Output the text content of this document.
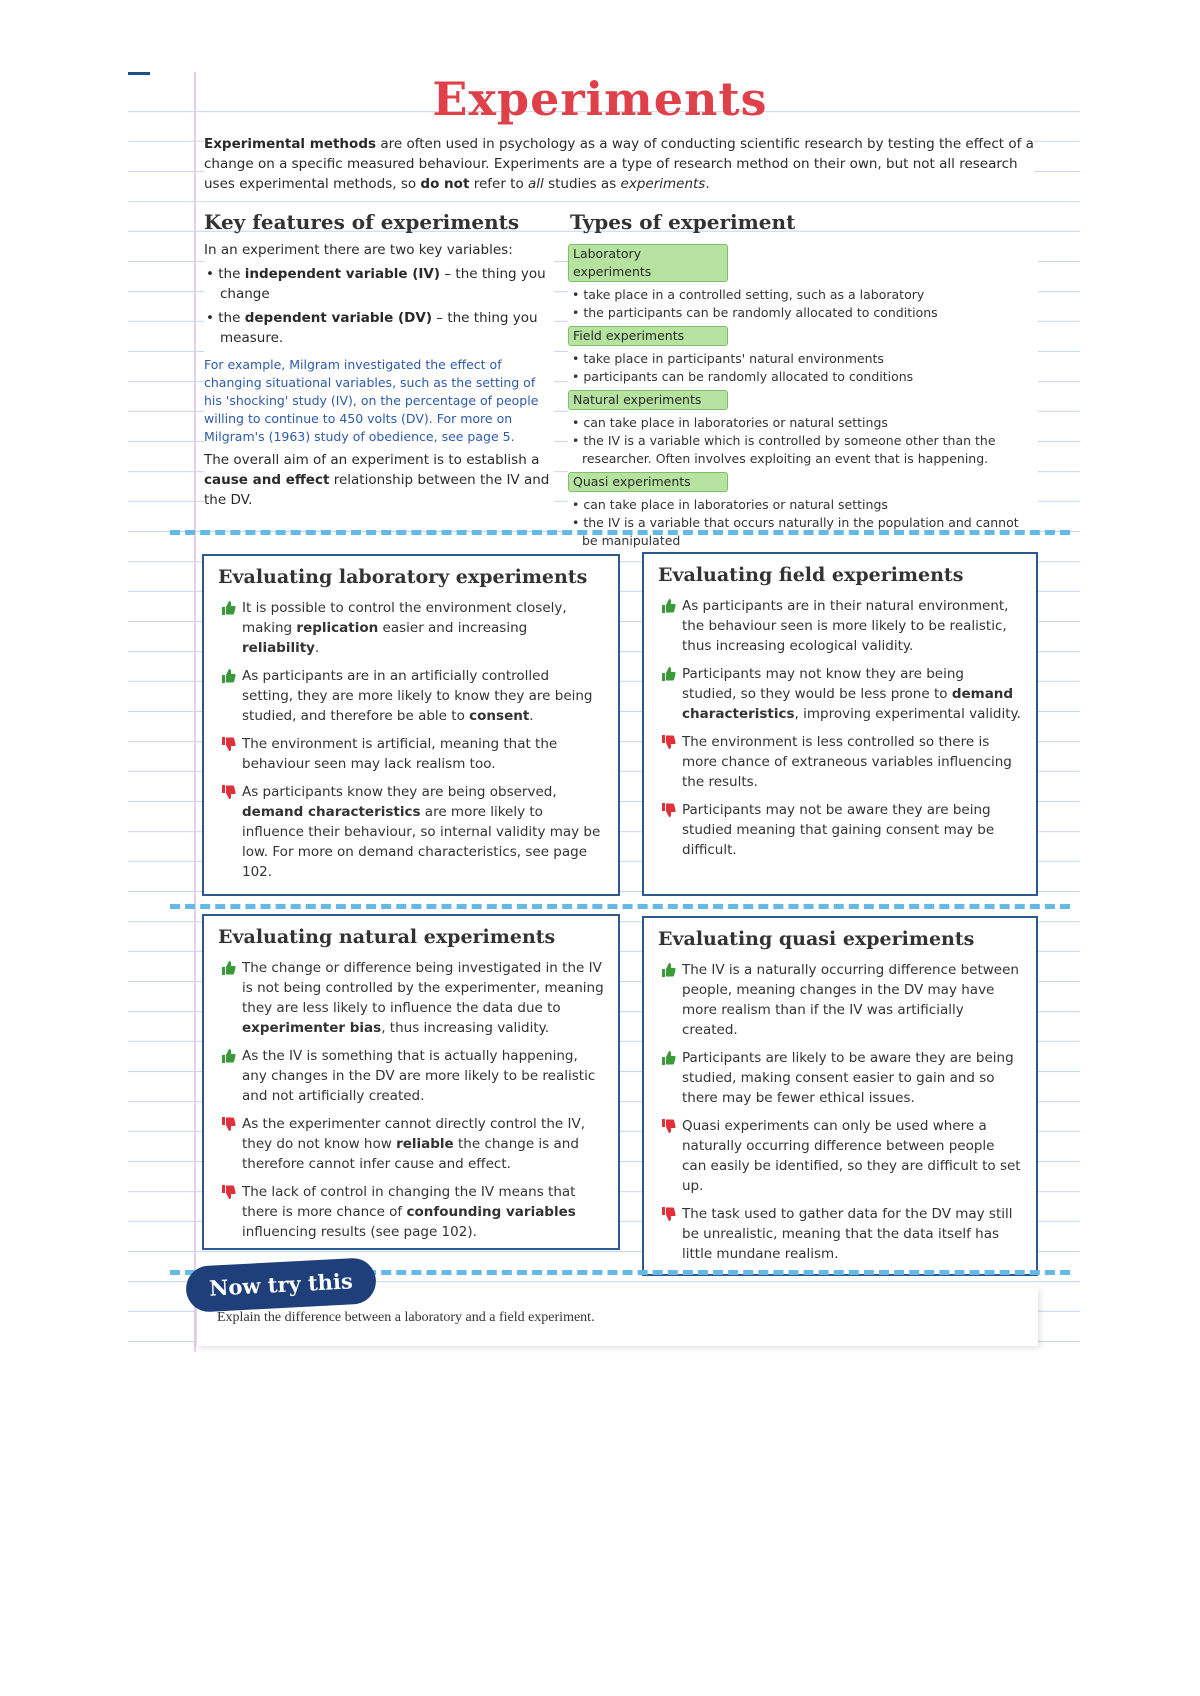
Experiments
Experimental methods are often used in psychology as a way of conducting scientific research by testing the effect of a change on a specific measured behaviour. Experiments are a type of research method on their own, but not all research uses experimental methods, so do not refer to all studies as experiments.
Key features of experiments	Types of experiment

In an experiment there are two key variables:

• the independent variable (IV) – the thing you change
• the dependent variable (DV) – the thing you measure.

For example, Milgram investigated the effect of changing situational variables, such as the setting of his 'shocking' study (IV), on the percentage of people willing to continue to 450 volts (DV). For more on Milgram's (1963) study of obedience, see page 5.

The overall aim of an experiment is to establish a cause and effect relationship between the IV and the DV.

Laboratory experiments
• take place in a controlled setting, such as a laboratory
• the participants can be randomly allocated to conditions
Field experiments
• take place in participants' natural environments
• participants can be randomly allocated to conditions
Natural experiments
• can take place in laboratories or natural settings
• the IV is a variable which is controlled by someone other than the researcher. Often involves exploiting an event that is happening.
Quasi experiments
• can take place in laboratories or natural settings
• the IV is a variable that occurs naturally in the population and cannot be manipulated
Evaluating laboratory experiments
It is possible to control the environment closely, making replication easier and increasing reliability.
As participants are in an artificially controlled setting, they are more likely to know they are being studied, and therefore be able to consent.
The environment is artificial, meaning that the behaviour seen may lack realism too.
As participants know they are being observed, demand characteristics are more likely to influence their behaviour, so internal validity may be low. For more on demand characteristics, see page 102.
Evaluating field experiments
As participants are in their natural environment, the behaviour seen is more likely to be realistic, thus increasing ecological validity.
Participants may not know they are being studied, so they would be less prone to demand characteristics, improving experimental validity.
The environment is less controlled so there is more chance of extraneous variables influencing the results.
Participants may not be aware they are being studied meaning that gaining consent may be difficult.
Evaluating natural experiments
The change or difference being investigated in the IV is not being controlled by the experimenter, meaning they are less likely to influence the data due to experimenter bias, thus increasing validity.
As the IV is something that is actually happening, any changes in the DV are more likely to be realistic and not artificially created.
As the experimenter cannot directly control the IV, they do not know how reliable the change is and therefore cannot infer cause and effect.
The lack of control in changing the IV means that there is more chance of confounding variables influencing results (see page 102).
Evaluating quasi experiments
The IV is a naturally occurring difference between people, meaning changes in the DV may have more realism than if the IV was artificially created.
Participants are likely to be aware they are being studied, making consent easier to gain and so there may be fewer ethical issues.
Quasi experiments can only be used where a naturally occurring difference between people can easily be identified, so they are difficult to set up.
The task used to gather data for the DV may still be unrealistic, meaning that the data itself has little mundane realism.
Explain the difference between a laboratory and a field experiment.
Now try this
